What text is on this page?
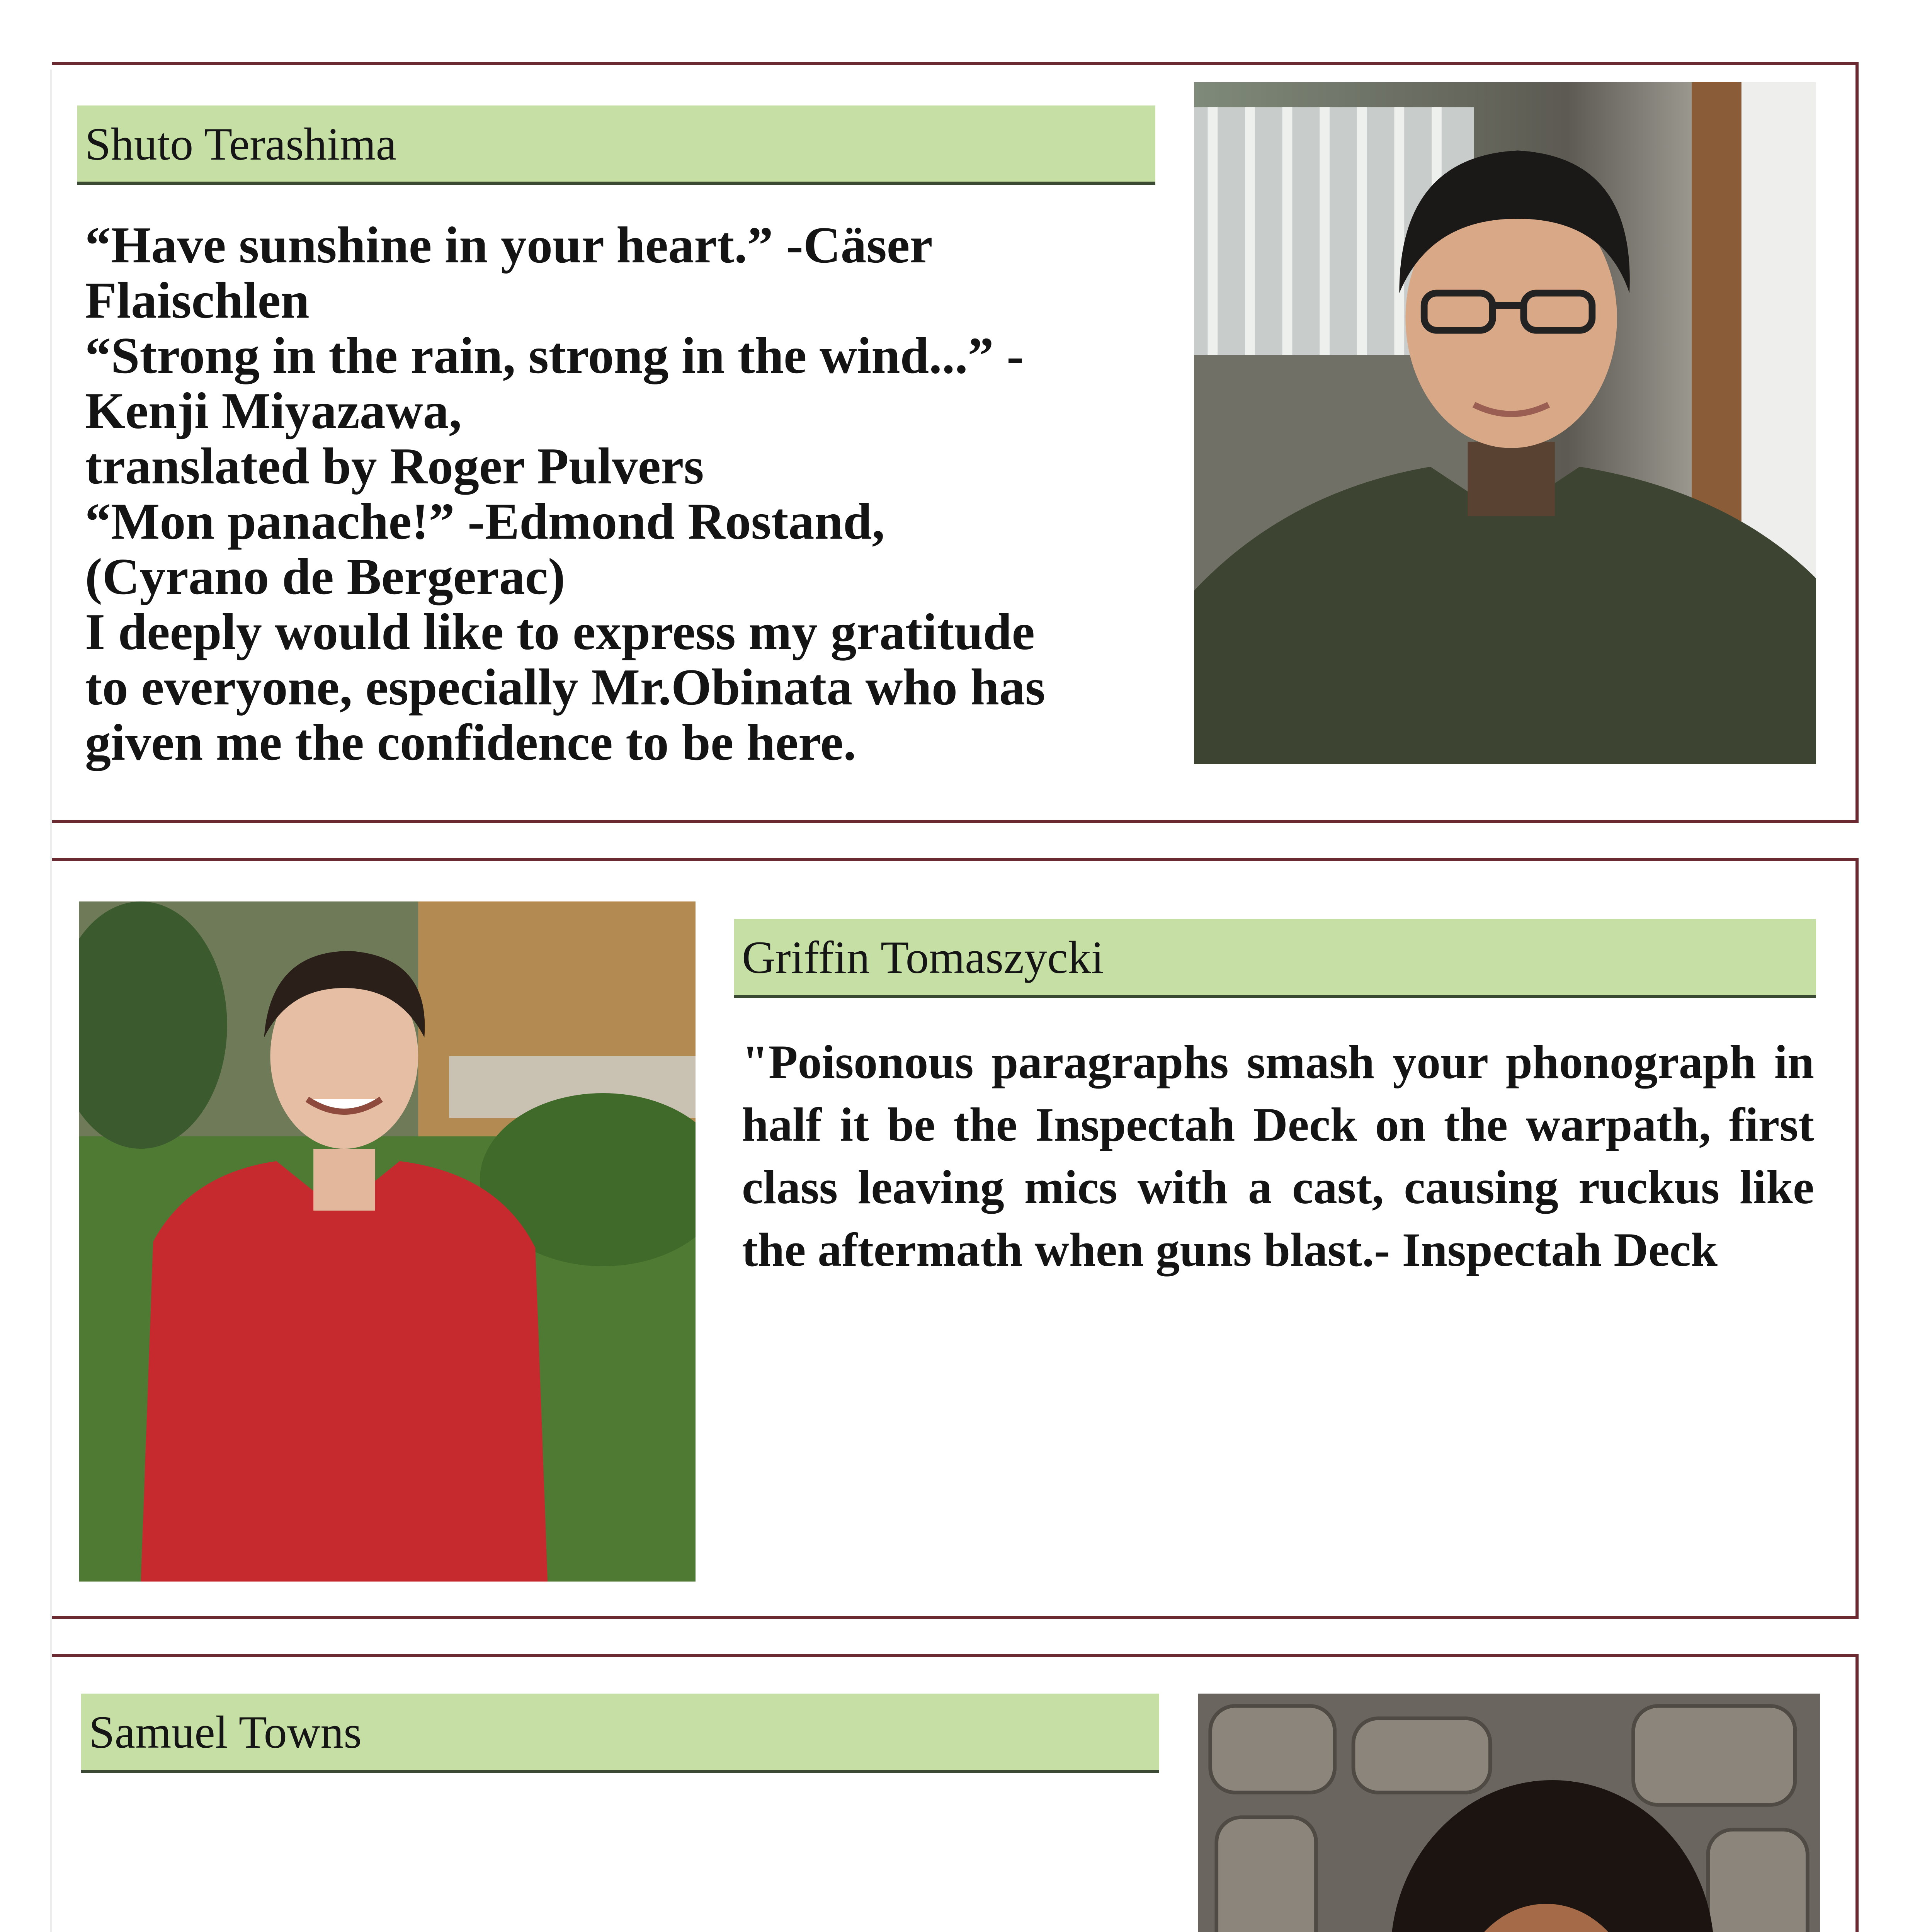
Shuto Terashima
“Have sunshine in your heart.” -Cäser
Flaischlen
“Strong in the rain, strong in the wind...” -
Kenji Miyazawa,
translated by Roger Pulvers
“Mon panache!” -Edmond Rostand,
(Cyrano de Bergerac)
I deeply would like to express my gratitude
to everyone, especially Mr.Obinata who has
given me the confidence to be here.
Griffin Tomaszycki
"Poisonous paragraphs smash your phonograph in half it be the Inspectah Deck on the warpath, first class leaving mics with a cast, causing ruckus like the aftermath when guns blast.- Inspectah Deck
Samuel Towns
